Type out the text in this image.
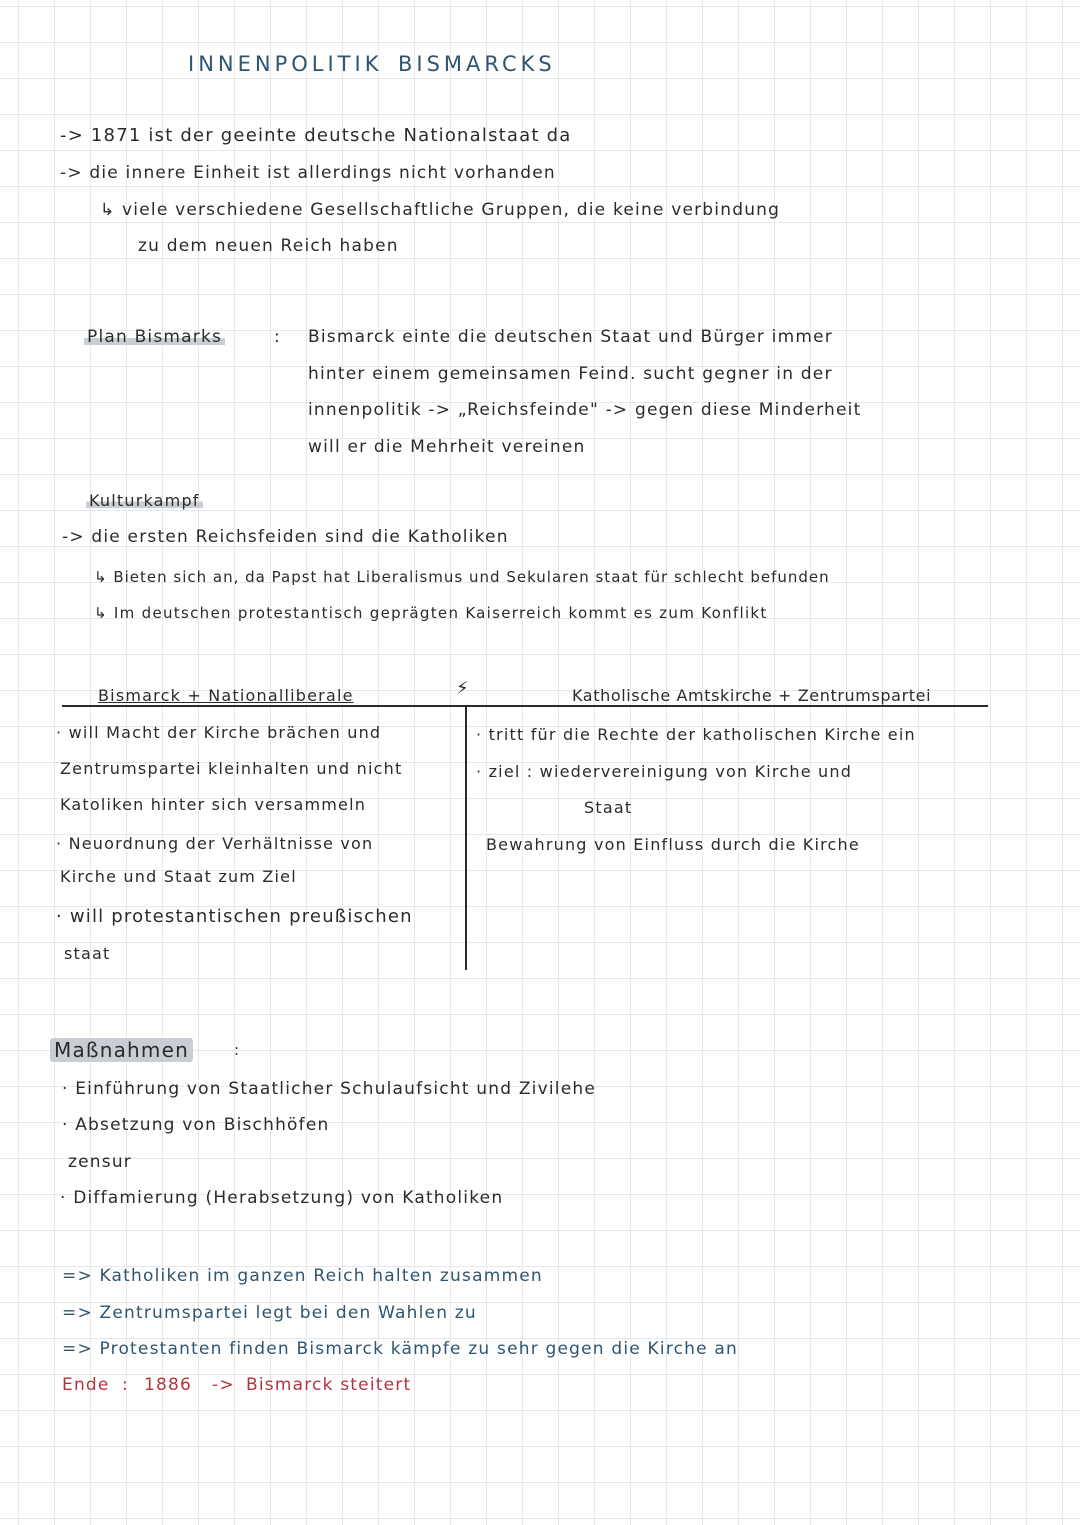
INNENPOLITIK BISMARCKS
-> 1871 ist der geeinte deutsche Nationalstaat da
-> die innere Einheit ist allerdings nicht vorhanden
↳ viele verschiedene Gesellschaftliche Gruppen, die keine verbindung
zu dem neuen Reich haben
Plan Bismarks	: Bismarck einte die deutschen Staat und Bürger immer
hinter einem gemeinsamen Feind. sucht gegner in der
innenpolitik -> „Reichsfeinde" -> gegen diese Minderheit
will er die Mehrheit vereinen
Kulturkampf
-> die ersten Reichsfeiden sind die Katholiken
↳ Bieten sich an, da Papst hat Liberalismus und Sekularen staat für schlecht befunden
↳ Im deutschen protestantisch geprägten Kaiserreich kommt es zum Konflikt
Bismarck + Nationalliberale	⚡	Katholische Amtskirche + Zentrumspartei
· will Macht der Kirche brächen und
Zentrumspartei kleinhalten und nicht
Katoliken hinter sich versammeln
· Neuordnung der Verhältnisse von
Kirche und Staat zum Ziel
· will protestantischen preußischen
staat
· tritt für die Rechte der katholischen Kirche ein
· ziel : wiedervereinigung von Kirche und
Staat
Bewahrung von Einfluss durch die Kirche
Maßnahmen	:
· Einführung von Staatlicher Schulaufsicht und Zivilehe
· Absetzung von Bischhöfen
zensur
· Diffamierung (Herabsetzung) von Katholiken
=> Katholiken im ganzen Reich halten zusammen
=> Zentrumspartei legt bei den Wahlen zu
=> Protestanten finden Bismarck kämpfe zu sehr gegen die Kirche an
Ende : 1886 -> Bismarck steitert
